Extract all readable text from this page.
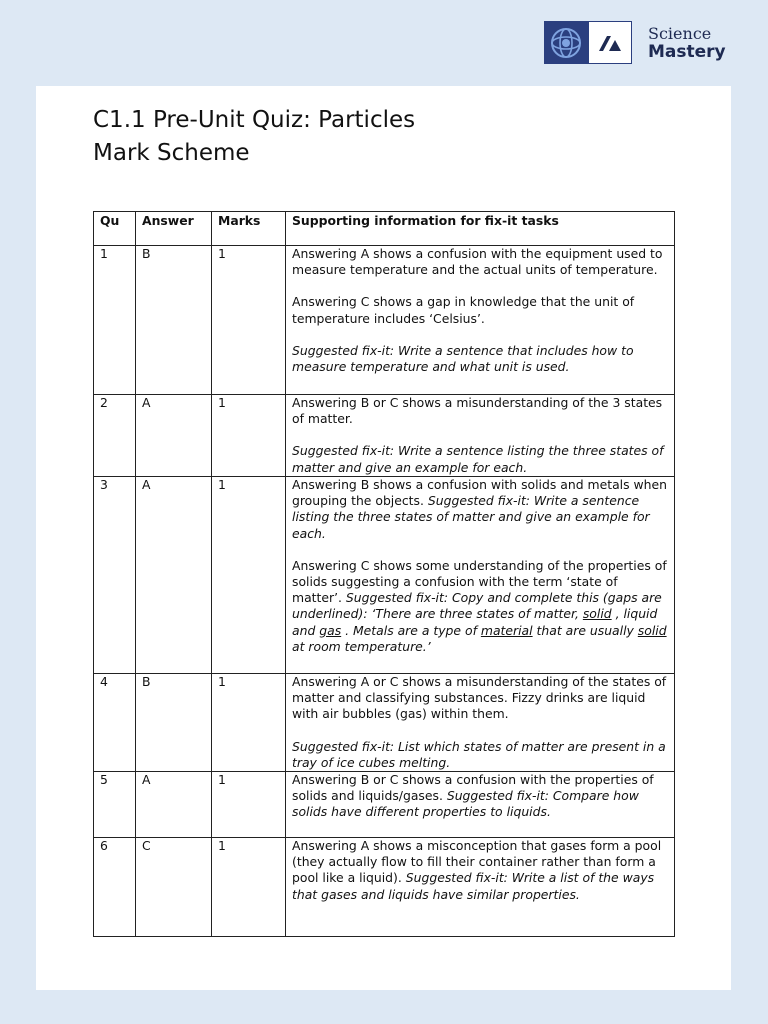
Science
Mastery
C1.1 Pre-Unit Quiz: Particles
Mark Scheme
Qu	Answer	Marks	Supporting information for fix-it tasks
1	B	1	Answering A shows a confusion with the equipment used to measure temperature and the actual units of temperature.

Answering C shows a gap in knowledge that the unit of temperature includes ‘Celsius’.

Suggested fix-it: Write a sentence that includes how to measure temperature and what unit is used.

2	A	1	Answering B or C shows a misunderstanding of the 3 states of matter.

Suggested fix-it: Write a sentence listing the three states of matter and give an example for each.

3	A	1	Answering B shows a confusion with solids and metals when grouping the objects. Suggested fix-it: Write a sentence listing the three states of matter and give an example for each.

Answering C shows some understanding of the properties of solids suggesting a confusion with the term ‘state of matter’. Suggested fix-it: Copy and complete this (gaps are underlined): ‘There are three states of matter, solid , liquid and gas . Metals are a type of material that are usually solid at room temperature.’

4	B	1	Answering A or C shows a misunderstanding of the states of matter and classifying substances. Fizzy drinks are liquid with air bubbles (gas) within them.

Suggested fix-it: List which states of matter are present in a tray of ice cubes melting.

5	A	1	Answering B or C shows a confusion with the properties of solids and liquids/gases. Suggested fix-it: Compare how solids have different properties to liquids.

6	C	1	Answering A shows a misconception that gases form a pool (they actually flow to fill their container rather than form a pool like a liquid). Suggested fix-it: Write a list of the ways that gases and liquids have similar properties.
